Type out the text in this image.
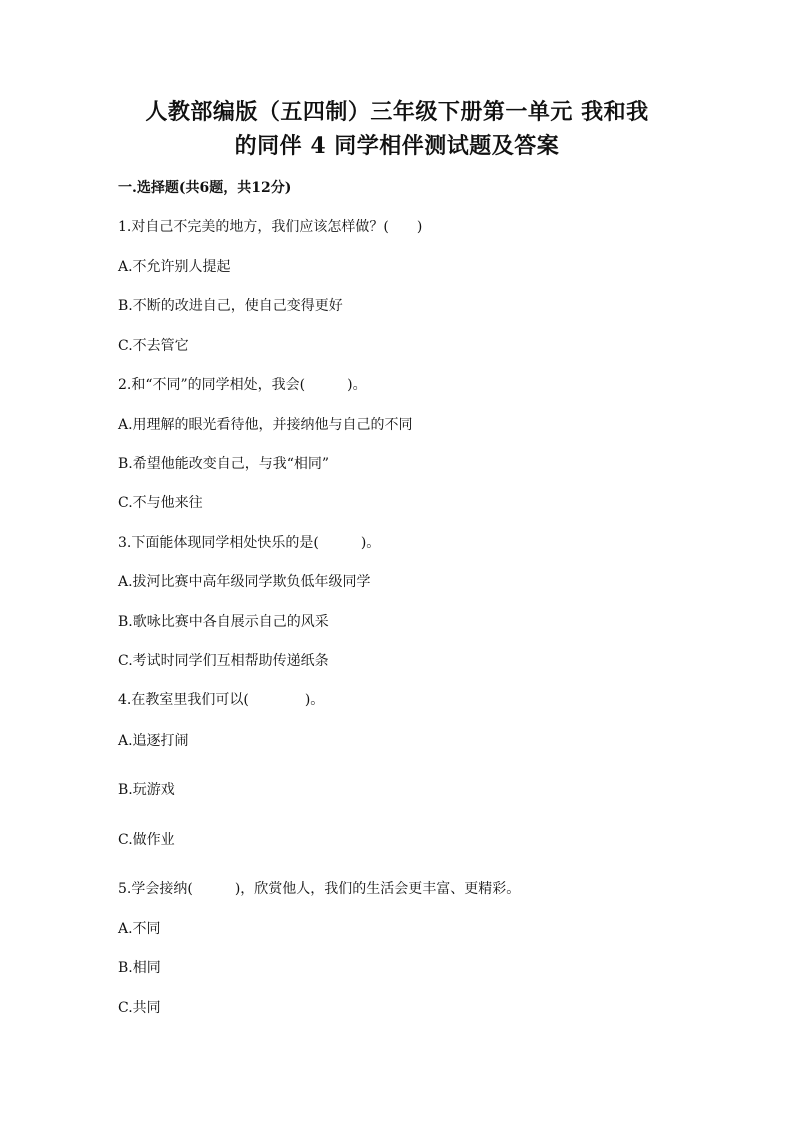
人教部编版（五四制）三年级下册第一单元 我和我
的同伴 4 同学相伴测试题及答案
一.选择题(共6题，共12分)
1.对自己不完美的地方，我们应该怎样做？(　　)
A.不允许别人提起
B.不断的改进自己，使自己变得更好
C.不去管它
2.和“不同”的同学相处，我会(　　　)。
A.用理解的眼光看待他，并接纳他与自己的不同
B.希望他能改变自己，与我“相同”
C.不与他来往
3.下面能体现同学相处快乐的是(　　　)。
A.拔河比赛中高年级同学欺负低年级同学
B.歌咏比赛中各自展示自己的风采
C.考试时同学们互相帮助传递纸条
4.在教室里我们可以(　　　　)。
A.追逐打闹
B.玩游戏
C.做作业
5.学会接纳(　　　)，欣赏他人，我们的生活会更丰富、更精彩。
A.不同
B.相同
C.共同
